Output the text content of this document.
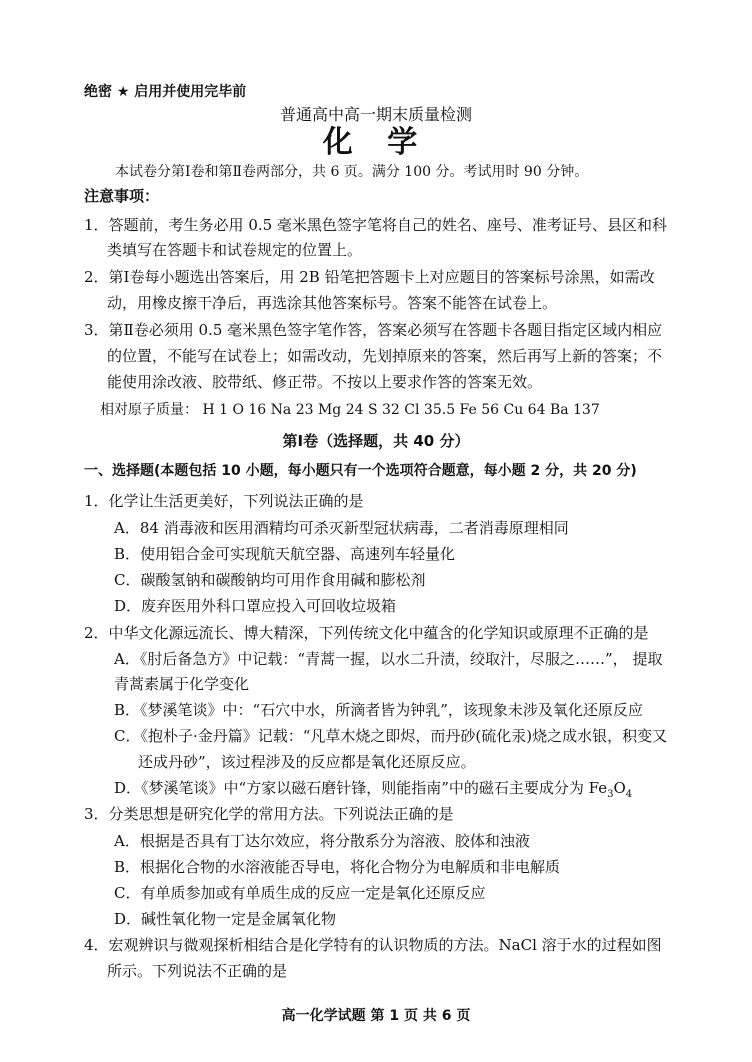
绝密 ★ 启用并使用完毕前
普通高中高一期末质量检测
化 学
本试卷分第Ⅰ卷和第Ⅱ卷两部分，共 6 页。满分 100 分。考试用时 90 分钟。
注意事项：
1．答题前，考生务必用 0.5 毫米黑色签字笔将自己的姓名、座号、准考证号、县区和科
类填写在答题卡和试卷规定的位置上。
2．第Ⅰ卷每小题选出答案后，用 2B 铅笔把答题卡上对应题目的答案标号涂黑，如需改
动，用橡皮擦干净后，再选涂其他答案标号。答案不能答在试卷上。
3．第Ⅱ卷必须用 0.5 毫米黑色签字笔作答，答案必须写在答题卡各题目指定区域内相应
的位置，不能写在试卷上；如需改动，先划掉原来的答案，然后再写上新的答案；不
能使用涂改液、胶带纸、修正带。不按以上要求作答的答案无效。
相对原子质量： H 1 O 16 Na 23 Mg 24 S 32 Cl 35.5 Fe 56 Cu 64 Ba 137
第Ⅰ卷（选择题，共 40 分）
一、选择题(本题包括 10 小题，每小题只有一个选项符合题意，每小题 2 分，共 20 分)
1．化学让生活更美好，下列说法正确的是
A．84 消毒液和医用酒精均可杀灭新型冠状病毒，二者消毒原理相同
B．使用铝合金可实现航天航空器、高速列车轻量化
C．碳酸氢钠和碳酸钠均可用作食用碱和膨松剂
D．废弃医用外科口罩应投入可回收垃圾箱
2．中华文化源远流长、博大精深，下列传统文化中蕴含的化学知识或原理不正确的是
A．《肘后备急方》中记载：“青蒿一握，以水二升渍，绞取汁，尽服之……”， 提取
青蒿素属于化学变化
B．《梦溪笔谈》中：“石穴中水，所滴者皆为钟乳”，该现象未涉及氧化还原反应
C．《抱朴子·金丹篇》记载：“凡草木烧之即烬，而丹砂(硫化汞)烧之成水银，积变又
还成丹砂”，该过程涉及的反应都是氧化还原反应。
D．《梦溪笔谈》中“方家以磁石磨针锋，则能指南”中的磁石主要成分为 $Fe_3O_4$
3．分类思想是研究化学的常用方法。下列说法正确的是
A．根据是否具有丁达尔效应，将分散系分为溶液、胶体和浊液
B．根据化合物的水溶液能否导电，将化合物分为电解质和非电解质
C．有单质参加或有单质生成的反应一定是氧化还原反应
D．碱性氧化物一定是金属氧化物
4．宏观辨识与微观探析相结合是化学特有的认识物质的方法。NaCl 溶于水的过程如图
所示。下列说法不正确的是
高一化学试题 第 1 页 共 6 页
